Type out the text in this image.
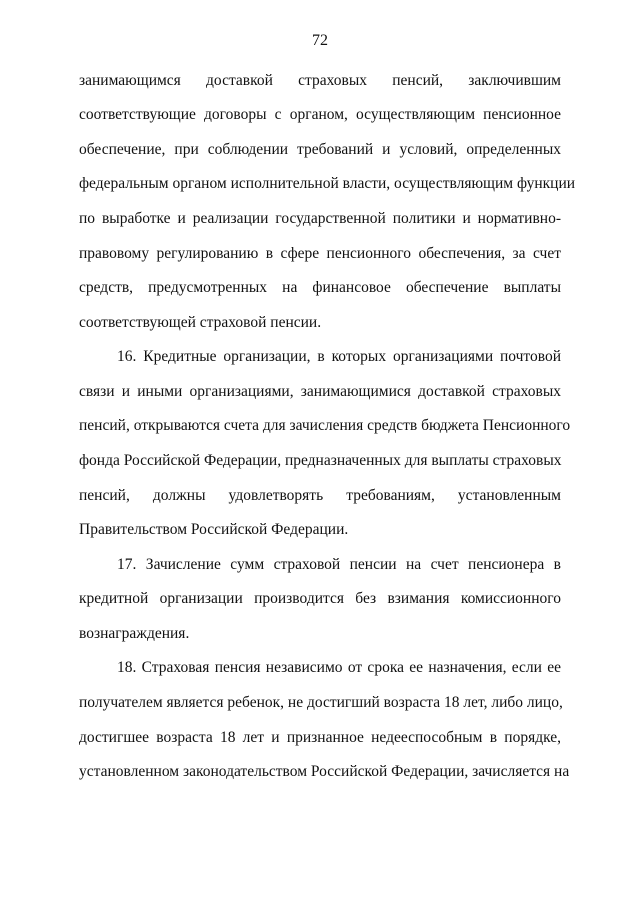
72
занимающимся доставкой страховых пенсий, заключившим
соответствующие договоры с органом, осуществляющим пенсионное
обеспечение, при соблюдении требований и условий, определенных
федеральным органом исполнительной власти, осуществляющим функции
по выработке и реализации государственной политики и нормативно-
правовому регулированию в сфере пенсионного обеспечения, за счет
средств, предусмотренных на финансовое обеспечение выплаты
соответствующей страховой пенсии.
16. Кредитные организации, в которых организациями почтовой
связи и иными организациями, занимающимися доставкой страховых
пенсий, открываются счета для зачисления средств бюджета Пенсионного
фонда Российской Федерации, предназначенных для выплаты страховых
пенсий, должны удовлетворять требованиям, установленным
Правительством Российской Федерации.
17. Зачисление сумм страховой пенсии на счет пенсионера в
кредитной организации производится без взимания комиссионного
вознаграждения.
18. Страховая пенсия независимо от срока ее назначения, если ее
получателем является ребенок, не достигший возраста 18 лет, либо лицо,
достигшее возраста 18 лет и признанное недееспособным в порядке,
установленном законодательством Российской Федерации, зачисляется на
